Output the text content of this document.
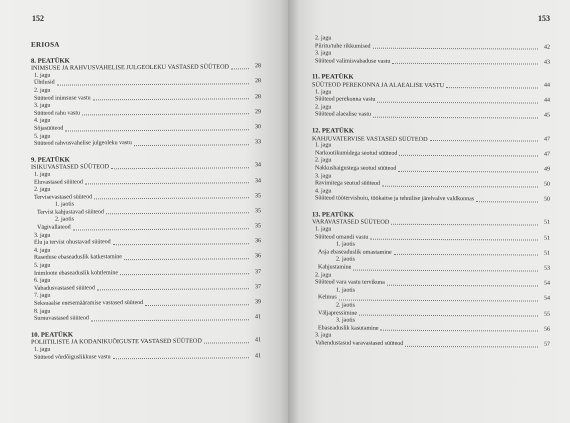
152
ERIOSA
8. PEATÜKK
INIMSUSE JA RAHVUSVAHELISE JULGEOLEKU VASTASED SÜÜTEOD	28
1. jagu
Ühtlusid	28
2. jagu
Süüteod inimsuse vastu	28
3. jagu
Süüteod rahu vastu	29
4. jagu
Sõjasüüteod	30
5. jagu
Süüteod rahvusvahelise julgeoleku vastu	33
9. PEATÜKK
ISIKUVASTASED SÜÜTEOD	34
1. jagu
Eluvastased süüteod	34
2. jagu
Tervisevastased süüteod	35
1. jaotis
Tervist kahjustavad süüteod	35
2. jaotis
Vägivallateod	35
3. jagu
Elu ja tervist ohustavad süüteod	36
4. jagu
Raseduse ebaseaduslik katkestamine	36
5. jagu
Inimloote ebaseaduslik kohtlemine	37
6. jagu
Vabadusvastased süüteod	37
7. jagu
Seksuaalse enesemääramise vastased süüteod	39
8. jagu
Surnuvastased süüteod	41
10. PEATÜKK
POLIITILISTE JA KODANIKUÕIGUSTE VASTASED SÜÜTEOD	41
1. jagu
Süüteod võrdõiguslikkuse vastu	41
153
2. jagu
Piiritu/tuhe rikkumised	42
3. jagu
Süüteod valimisvabaduse vastu	43
11. PEATÜKK
SÜÜTEOD PEREKONNA JA ALAEALISE VASTU	44
1. jagu
Süüteod perekonna vastu	44
2. jagu
Süüteod alaealise vastu	45
12. PEATÜKK
KAHJUVATERVISE VASTASED SÜÜTEOD	47
1. jagu
Narkootikumidega seotud süüteod	47
2. jagu
Nakkushaigustega seotud süüteod	49
3. jagu
Ravimitega seotud süüteod	50
4. jagu
Süüteod töötervishoiu, töökaitse ja tehnilise järelvalve valdkonnas	50
13. PEATÜKK
VARAVASTASED SÜÜTEOD	51
1. jagu
Süüteod omandi vastu	51
1. jaotis
Asja ebaseaduslik omastamine	51
2. jaotis
Kahjustamine	53
2. jagu
Süüteod vara vastu tervikuna	54
1. jaotis
Kelmus	54
2. jaotis
Väljapressimine	55
3. jaotis
Ebaseaduslik kasutamine	56
3. jagu
Vahendustasud varavastased süüteod	57
